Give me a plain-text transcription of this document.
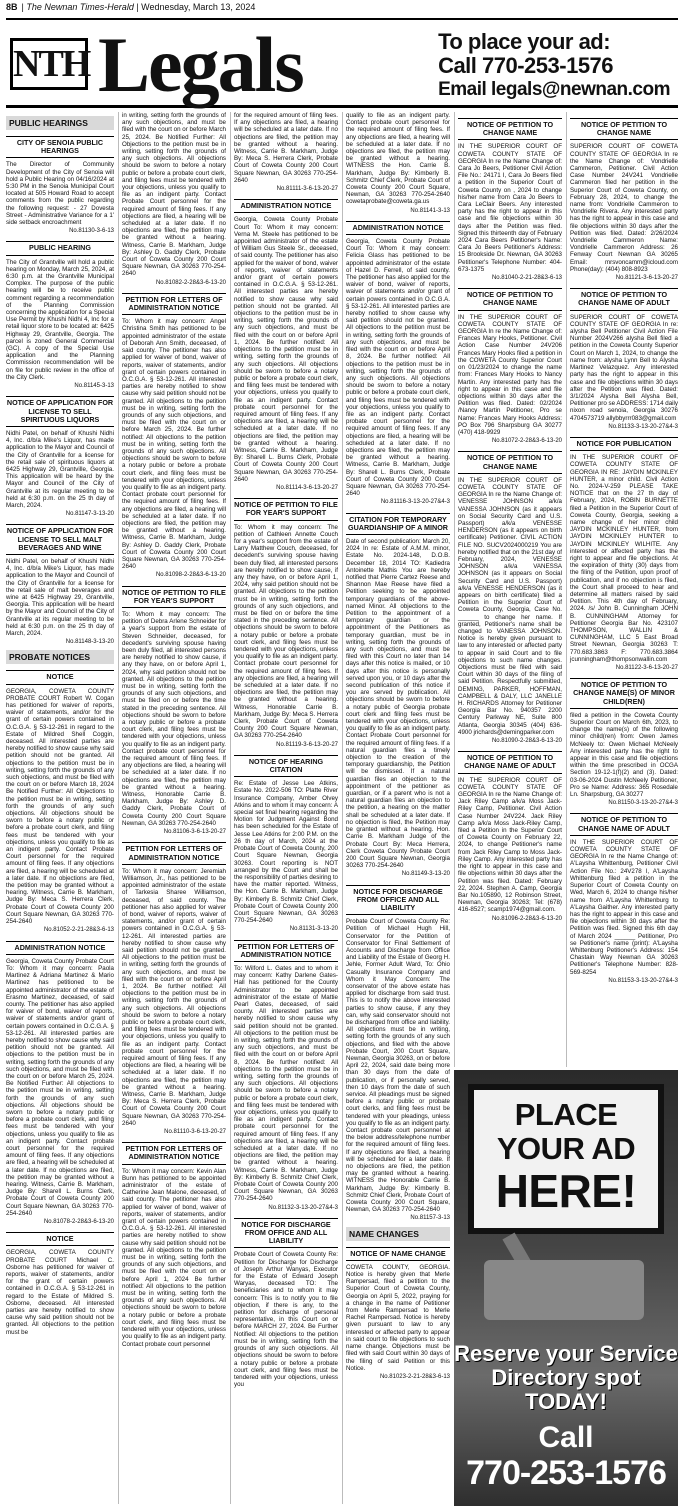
8B | The Newnan Times-Herald | Wednesday, March 13, 2024
NTH Legals	To place your ad:
Call 770-253-1576
Email legals@newnan.com
PUBLIC HEARINGS
CITY OF SENOIA PUBLIC HEARINGS
The Director of Community Development of the City of Senoia will hold a Public Hearing on 04/16/2024 at 5:30 PM in the Senoia Municipal Court located at 505 Howard Road to accept comments from the public regarding the following request: - 27 Dovesta Street - Administrative Variance for a 1' side setback encroachment
No.81130-3-6-13
PUBLIC HEARING
The City of Grantville will hold a public hearing on Monday, March 25, 2024, at 6:30 p.m. at the Grantville Municipal Complex. The purpose of the public hearing will be to receive public comment regarding a recommendation of the Planning Commission concerning the application for a Special Use Permit by Khushi Nidhi 4, Inc for a retail liquor store to be located at: 6425 Highway 29, Grantville, Georgia. The parcel is zoned General Commercial (GC). A copy of the Special Use application and the Planning Commission recommendation will be on file for public review in the office of the City Clerk.
No.81145-3-13
NOTICE OF APPLICATION FOR LICENSE TO SELL SPIRITUOUS LIQUORS
Nidhi Patel, on behalf of Khushi Nidhi 4, Inc. d/b/a Mike's Liquor, has made application to the Mayor and Council of the City of Grantville for a license for the retail sale of spirituous liquors at 6425 Highway 29, Grantville, Georgia. This application will be heard by the Mayor and Council of the City of Grantville at its regular meeting to be held at 6:30 p.m. on the 25 th day of March, 2024.
No.81147-3-13-20
NOTICE OF APPLICATION FOR LICENSE TO SELL MALT BEVERAGES AND WINE
Nidhi Patel, on behalf of Khushi Nidhi 4, Inc. d/b/a Mike's Liquor, has made application to the Mayor and Council of the City of Grantville for a license for the retail sale of malt beverages and wine at 6425 Highway 29, Grantville, Georgia. This application will be heard by the Mayor and Council of the City of Grantville at its regular meeting to be held at 6:30 p.m. on the 25 th day of March, 2024.
No.81148-3-13-20
PROBATE NOTICES
NOTICE
GEORGIA, COWETA COUNTY PROBATE COURT Robert W. Cogan has petitioned for waiver of reports, waiver of statements, and/or for the grant of certain powers contained in O.C.G.A. § 53-12-261 in regard to the Estate of Mildred Shell Coggin, deceased. All interested parties are hereby notified to show cause why said petition should not be granted. All objections to the petition must be in writing, setting forth the grounds of any such objections, and must be filed with the court on or before March 18, 2024 Be Notified Further: All Objections to the petition must be in writing, setting forth the grounds of any such objections. All objections should be sworn to before a notary public or before a probate court clerk, and filing fees must be tendered with your objections, unless you qualify to file as an indigent party. Contact Probate Court personnel for the required amount of filing fees. If any objections are filed, a hearing will be scheduled at a later date. If no objections are filed, the petition may be granted without a hearing. Witness, Carrie B. Markham, Judge By: Meca S. Herrera Clerk, Probate Court of Coweta County 200 Court Square Newnan, GA 30263 770-254-2640
No.81052-2-21-28&3-6-13
ADMINISTRATION NOTICE
Georgia, Coweta County Probate Court To: Whom it may concern: Paola Martinez & Adriana Martinez & Mario Martinez has petitioned to be appointed administrator of the estate of Erasmo Martinez, deceased, of said county. The petitioner has also applied for waiver of bond, waiver of reports, waiver of statements and/or grant of certain powers contained in O.C.G.A. § 53-12-261. All interested parties are hereby notified to show cause why said petition should not be granted. All objections to the petition must be in writing, setting forth the grounds of any such objections, and must be filed with the court on or before March 25, 2024. Be Notified Further: All objections to the petition must be in writing, setting forth the grounds of any such objections. All objections should be sworn to before a notary public or before a probate court clerk, and filing fees must be tendered with your objections, unless you qualify to file as an indigent party. Contact probate court personnel for the required amount of filing fees. If any objections are filed, a hearing will be scheduled at a later date. If no objections are filed, the petition may be granted without a hearing. Witness, Carrie B. Markham, Judge By: Sharell L. Burns Clerk, Probate Court of Coweta County 200 Court Square Newnan, GA 30263 770-254-2640
No.81078-2-28&3-6-13-20
NOTICE
GEORGIA, COWETA COUNTY PROBATE COURT Michael C. Osborne has petitioned for waiver of reports, waiver of statements, and/or for the grant of certain powers contained in O.C.G.A. § 53-12-261 in regard to the Estate of Mildred S. Osborne, deceased. All interested parties are hereby notified to show cause why said petition should not be granted. All objections to the petition must be
in writing, setting forth the grounds of any such objections, and must be filed with the court on or before March 25, 2024. Be Notified Further: All Objections to the petition must be in writing, setting forth the grounds of any such objections. All objections should be sworn to before a notary public or before a probate court clerk, and filing fees must be tendered with your objections, unless you qualify to file as an indigent party. Contact Probate Court personnel for the required amount of filing fees. If any objections are filed, a hearing will be scheduled at a later date. If no objections are filed, the petition may be granted without a hearing. Witness, Carrie B. Markham, Judge By: Ashley D. Gaddy Clerk, Probate Court of Coweta County 200 Court Square Newnan, GA 30263 770-254-2640
No.81082-2-28&3-6-13-20
PETITION FOR LETTERS OF ADMINISTRATION NOTICE
To: Whom it may concern: Angel Christina Smith has petitioned to be appointed administrator of the estate of Deborah Ann Smith, deceased, of said county. The petitioner has also applied for waiver of bond, waiver of reports, waiver of statements, and/or grant of certain powers contained in O.C.G.A. § 53-12-261. All interested parties are hereby notified to show cause why said petition should not be granted. All objections to the petition must be in writing, setting forth the grounds of any such objections, and must be filed with the court on or before March 25, 2024. Be further notified: All objections to the petition must be in writing, setting forth the grounds of any such objections. All objections should be sworn to before a notary public or before a probate court clerk, and filing fees must be tendered with your objections, unless you qualify to file as an indigent party. Contact probate court personnel for the required amount of filing fees. If any objections are filed, a hearing will be scheduled at a later date. If no objections are filed, the petition may be granted without a hearing. Witness, Carrie B. Markham, Judge By: Ashley D. Gaddy Clerk, Probate Court of Coweta County 200 Court Square Newnan, GA 30263 770-254-2640
No.81098-2-28&3-6-13-20
NOTICE OF PETITION TO FILE FOR YEAR'S SUPPORT
To: Whom it may concern: The petition of Debra Arlene Schneider for a year's support from the estate of Steven Schneider, deceased, for decedent's surviving spouse having been duly filed, all interested persons are hereby notified to show cause, if any they have, on or before April 1, 2024, why said petition should not be granted. All objections to the petition must be in writing, setting forth the grounds of any such objections, and must be filed on or before the time stated in the preceding sentence. All objections should be sworn to before a notary public or before a probate court clerk, and filing fees must be tendered with your objections, unless you qualify to file as an indigent party. Contact probate court personnel for the required amount of filing fees. If any objections are filed, a hearing will be scheduled at a later date. If no objections are filed, the petition may be granted without a hearing. Witness, Honorable Carrie B. Markham, Judge By: Ashley D. Gaddy Clerk, Probate Court of Coweta County 200 Court Square Newnan, GA 30263 770-254-2640
No.81106-3-6-13-20-27
PETITION FOR LETTERS OF ADMINISTRATION NOTICE
To: Whom it may concern: Jeremiah Williamson, Jr., has petitioned to be appointed administrator of the estate of Tarkesia Sharee Williamson, deceased, of said county. The petitioner has also applied for waiver of bond, waiver of reports, waiver of statements, and/or grant of certain powers contained in O.C.G.A. § 53-12-261. All interested parties are hereby notified to show cause why said petition should not be granted. All objections to the petition must be in writing, setting forth the grounds of any such objections, and must be filed with the court on or before April 1, 2024. Be further notified: All objections to the petition must be in writing, setting forth the grounds of any such objections. All objections should be sworn to before a notary public or before a probate court clerk, and filing fees must be tendered with your objections, unless you qualify to file as an indigent party. Contact probate court personnel for the required amount of filing fees. If any objections are filed, a hearing will be scheduled at a later date. If no objections are filed, the petition may be granted without a hearing. Witness, Carrie B. Markham, Judge By: Meca S. Herrera Clerk, Probate Court of Coweta County 200 Court Square Newnan, GA 30263 770-254-2640
No.81110-3-6-13-20-27
PETITION FOR LETTERS OF ADMINISTRATION NOTICE
To: Whom it may concern: Kevin Alan Bunn has petitioned to be appointed administrator of the estate of Catherine Jean Malone, deceased, of said county. The petitioner has also applied for waiver of bond, waiver of reports, waiver of statements, and/or grant of certain powers contained in O.C.G.A. § 53-12-261. All interested parties are hereby notified to show cause why said petition should not be granted. All objections to the petition must be in writing, setting forth the grounds of any such objections, and must be filed with the court on or before April 1, 2024 Be further notified: All objections to the petition must be in writing, setting forth the grounds of any such objections. All objections should be sworn to before a notary public or before a probate court clerk, and filing fees must be tendered with your objections, unless you qualify to file as an indigent party. Contact probate court personnel
for the required amount of filing fees. If any objections are filed, a hearing will be scheduled at a later date. If no objections are filed, the petition may be granted without a hearing. Witness, Carrie B. Markham, Judge By: Meca S. Herrera Clerk, Probate Court of Coweta County 200 Court Square Newnan, GA 30263 770-254-2640
No.81111-3-6-13-20-27
ADMINISTRATION NOTICE
Georgia, Coweta County Probate Court To: Whom it may concern: Verna M. Steele has petitioned to be appointed administrator of the estate of William Gus Steele Sr., deceased, of said county. The petitioner has also applied for the waiver of bond, waiver of reports, waiver of statements and/or grant of certain powers contained in O.C.G.A. § 53-12-261. All interested parties are hereby notified to show cause why said petition should not be granted. All objections to the petition must be in writing, setting forth the grounds of any such objections, and must be filed with the court on or before April 1, 2024. Be further notified: All objections to the petition must be in writing, setting forth the grounds of any such objections. All objections should be sworn to before a notary public or before a probate court clerk, and filing fees must be tendered with your objections, unless you qualify to file as an indigent party. Contact probate court personnel for the required amount of filing fees. If any objections are filed, a hearing will be scheduled at a later date. If no objections are filed, the petition may be granted without a hearing. Witness, Carrie B. Markham, Judge By: Sharell L. Burns Clerk, Probate Court of Coweta County 200 Court Square Newnan, GA 30263 770-254-2640
No.81114-3-6-13-20-27
NOTICE OF PETITION TO FILE FOR YEAR'S SUPPORT
To: Whom it may concern: The petition of Cathleen Annette Couch for a year's support from the estate of Larry Matthew Couch, deceased, for decedent's surviving spouse having been duly filed, all interested persons are hereby notified to show cause, if any they have, on or before April 1, 2024, why said petition should not be granted. All objections to the petition must be in writing, setting forth the grounds of any such objections, and must be filed on or before the time stated in the preceding sentence. All objections should be sworn to before a notary public or before a probate court clerk, and filing fees must be tendered with your objections, unless you qualify to file as an indigent party. Contact probate court personnel for the required amount of filing fees. If any objections are filed, a hearing will be scheduled at a later date. If no objections are filed, the petition may be granted without a hearing. Witness, Honorable Carrie B. Markham, Judge By: Meca S. Herrera Clerk, Probate Court of Coweta County 200 Court Square Newnan, GA 30263 770-254-2640
No.81119-3-6-13-20-27
NOTICE OF HEARING CITATION
Re: Estate of Jesse Lee Atkins, Estate No. 2022-506 TO: Platte River Insurance Company, Amber Olvey Atkins and to whom it may concern: A special set final hearing regarding the Motion for Judgment Against Bond has been scheduled for the Estate of Jesse Lee Atkins for 2:00 P.M. on the 26 th day of March, 2024 at the Probate Court of Coweta County, 200 Court Square Newnan, Georgia 30263. Court reporting is NOT arranged by the Court and shall be the responsibility of parties desiring to have the matter reported. Witness, the Hon. Carrie B. Markham, Judge By: Kimberly B. Schmitz Chief Clerk, Probate Court of Coweta County 200 Court Square Newnan, GA 30263 770-254-2640
No.81131-3-13-20
PETITION FOR LETTERS OF ADMINISTRATION NOTICE
To: Wilford L. Gates and to whom it may concern: Kathy Darlene Gates-Hall has petitioned for the County Administrator to be appointed administrator of the estate of Mattie Pearl Gates, deceased, of said county. All interested parties are hereby notified to show cause why said petition should not be granted. All objections to the petition must be in writing, setting forth the grounds of any such objections, and must be filed with the court on or before April 8, 2024. Be further notified: All objections to the petition must be in writing, setting forth the grounds of any such objections. All objections should be sworn to before a notary public or before a probate court clerk, and filing fees must be tendered with your objections, unless you qualify to file as an indigent party. Contact probate court personnel for the required amount of filing fees. If any objections are filed, a hearing will be scheduled at a later date. If no objections are filed, the petition may be granted without a hearing. Witness, Carrie B. Markham, Judge By: Kimberly B. Schmitz Chief Clerk, Probate Court of Coweta County 200 Court Square Newnan, GA 30263 770-254-2640
No.81132-3-13-20-27&4-3
NOTICE FOR DISCHARGE FROM OFFICE AND ALL LIABILITY
Probate Court of Coweta County Re: Petition for Discharge for Discharge of Joseph Arthur Wanyas, Executor for the Estate of Edward Joseph Waryas, deceased TO: The beneficiaries and to whom it may concern: This is to notify you to file objection, if there is any, to the petition for discharge of personal representative, in this Court on or before MARCH 27, 2024. Be Further Notified: All objections to the petition must be in writing, setting forth the grounds of any such objections. All objections should be sworn to before a notary public or before a probate court clerk, and filing fees must be tendered with your objections, unless you
qualify to file as an indigent party. Contact probate court personnel for the required amount of filing fees. If any objections are filed, a hearing will be scheduled at a later date. If no objections are filed, the petition may be granted without a hearing. WITNESS the Hon. Carrie B. Markham, Judge By: Kimberly B. Schmitz Chief Clerk, Probate Court of Coweta County 200 Court Square, Newnan, GA 30263 770-254-2640 cowetaprobate@coweta.ga.us
No.81141-3-13
ADMINISTRATION NOTICE
Georgia, Coweta County Probate Court To: Whom it may concern: Felicia Glass has petitioned to be appointed administrator of the estate of Hazel D. Ferrell, of said county. The petitioner has also applied for the waiver of bond, waiver of reports, waiver of statements and/or grant of certain powers contained in O.C.G.A. § 53-12-261. All interested parties are hereby notified to show cause why said petition should not be granted. All objections to the petition must be in writing, setting forth the grounds of any such objections, and must be filed with the court on or before April 8, 2024. Be further notified: All objections to the petition must be in writing, setting forth the grounds of any such objections. All objections should be sworn to before a notary public or before a probate court clerk, and filing fees must be tendered with your objections, unless you qualify to file as an indigent party. Contact probate court personnel for the required amount of filing fees. If any objections are filed, a hearing will be scheduled at a later date. If no objections are filed, the petition may be granted without a hearing. Witness, Carrie B. Markham, Judge By: Sharell L. Burns Clerk, Probate Court of Coweta County 200 Court Square Newnan, GA 30263 770-254-2640
No.81116-3-13-20-27&4-3
CITATION FOR TEMPORARY GUARDIANSHIP OF A MINOR
Date of second publication: March 20, 2024 In re: Estate of A.M.M. minor, Estate No. 2024-148, D.O.B. December 18, 2014 TO: Kadiedra Antoinette Mathis You are hereby notified that Pierre Cartez Reese and Shannon Mae Reese have filed a Petition seeking to be appointed temporary guardians of the above-named Minor. All objections to the Petition to the appointment of a temporary guardian or the appointment of the Petitioners as temporary guardian, must be in writing, setting forth the grounds of any such objections, and must be filed with this Court no later than 14 days after this notice is mailed, or 10 days after this notice is personally served upon you, or 10 days after the second publication of this notice if you are served by publication. All objections should be sworn to before a notary public of Georgia probate court clerk and filing fees must be tendered with your objections, unless you qualify to file as an indigent party. Contact Probate Court personnel for the required amount of filing fees. If a natural guardian files a timely objection to the creation of the temporary guardianship, the Petition will be dismissed. If a natural guardian files an objection to the appointment of the petitioner as guardian, or if a parent who is not a natural guardian files an objection to the petition, a hearing on the matter shall be scheduled at a later date. If no objection is filed, the Petition may be granted without a hearing. Hon. Carrie B. Markham Judge of the Probate Court By: Meca Herrera, Clerk Coweta County Probate Court 200 Court Square Newnan, Georgia 30263 770-254-2640
No.81149-3-13-20
NOTICE FOR DISCHARGE FROM OFFICE AND ALL LIABILITY
Probate Court of Coweta County Re: Petition of Michael Hugh Hill, Conservator for the Petition of Conservator for Final Settlement of Accounts and Discharge from Office and Liability of the Estate of Georg H. Jehle, Former Adult Ward, To: Ohio Casualty Insurance Company and Whom it May Concern: The conservator of the above estate has applied for discharge from said trust. This is to notify the above interested parties to show cause, if any they can, why said conservator should not be discharged from office and liability. All objections must be in writing, setting forth the grounds of any such objections, and filed with the above Probate Court, 200 Court Square, Newnan, Georgia 30263, on or before April 22, 2024, said date being more than 30 days from the date of publication, or if personally served, then 10 days from the date of such service. All pleadings must be signed before a notary public or probate court clerks, and filing fees must be tendered with your pleadings, unless you qualify to file as an indigent party. Contact probate court personnel at the below address/telephone number for the required amount of filing fees. If any objections are filed, a hearing will be scheduled for a later date. If no objections are filed, the petition may be granted without a hearing. WITNESS the Honorable Carrie B. Markham, Judge By: Kimberly B. Schmitz Chief Clerk, Probate Court of Coweta County 200 Court Square, Newnan, GA 30263 770-254-2640
No.81157-3-13
NAME CHANGES
NOTICE OF NAME CHANGE
COWETA COUNTY, GEORGIA. Notice is hereby given that Merle Rampersad, filed a petition to the Superior Court of Coweta County, Georgia on April 5, 2022, praying for a change in the name of Petitioner from Merle Rampersad to Merle Rachel Rampersad. Notice is hereby given pursuant to law to any interested or affected party to appear in said court to file objections to such name change. Objections must be filed with said Court within 30 days of the filing of said Petition or this Notice.
No.81023-2-21-28&3-6-13
NOTICE OF PETITION TO CHANGE NAME
IN THE SUPERIOR COURT OF COWETA COUNTY STATE OF GEORGIA In re the Name Change of: Cara Jo Beers, Petitioner Civil Action File No.: 24171 I, Cara Jo Beers filed a petition in the Superior Court of Coweta County on , 2024 to change his/her name from Cara Jo Beers to Cara LeClair Beers. Any interested party has the right to appear in this case and file objections within 30 days after the Petition was filed. Signed this thirteenth day of February 2024 Cara Beers Petitioner's Name: Cara Jo Beers Petitioner's Address: 15 Brookside Dr. Newnan, GA 30263 Petitioner's Telephone Number: 404-673-1375
No.81040-2-21-28&3-6-13
NOTICE OF PETITION TO CHANGE NAME
IN THE SUPERIOR COURT OF COWETA COUNTY STATE OF GEORGIA In re the Name Change of: Frances Mary Hooks, Petitioner. Civil Action Case Number 24V206 Frances Mary Hooks filed a petition in the COWETA County Superior Court on 01/23/2024 to change the name from: Frances Mary Hooks to Nancy Martin. Any interested party has the right to appear in this case and file objections within 30 days after the Petition was filed. Dated: 02/2024 /Nancy Martin Petitioner, Pro se Name: Frances Mary Hooks Address: PO Box 796 Sharpsburg GA 30277 (470) 418-9929
No.81072-2-28&3-6-13-20
NOTICE OF PETITION TO CHANGE NAME
IN THE SUPERIOR COURT OF COWETA COUNTY STATE OF GEORGIA In re the Name Change of: VENESSE JOHNSON a/k/a VANESSA JOHNSON (as it appears on Social Security Card and U.S. Passport) a/k/a VENESSE HENDERSON (as it appears on birth certificate) Petitioner. CIVIL ACTION FILE NO. SUCV2024000219 You are hereby notified that on the 21st day of February, 2024, VENESSE JOHNSON a/k/a VANESSA JOHNSON (as it appears on Social Security Card and U.S. Passport) a/k/a VENESSE HENDERSON (as it appears on birth certificate) filed a Petition in the Superior Court of Coweta County, Georgia, Case No. ______ to change her name. If granted, Petitioner's name shall be changed to VANESSA JOHNSON. Notice is hereby given pursuant to law to any interested or affected party to appear in said Court and to file objections to such name changes. Objections must be filed with said Court within 30 days of the filing of said Petition. Respectfully submitted, DEMING, PARKER, HOFFMAN, CAMPBELL & DALY, LLC JANELLE H. RICHARDS Attorney for Petitioner Georgia Bar No. 940357 2200 Century Parkway NE, Suite 800 Atlanta, Georgia 30345 (404) 636-4900 jrichards@demingparker.com
No.81090-2-28&3-6-13-20
NOTICE OF PETITION TO CHANGE NAME OF ADULT
IN THE SUPERIOR COURT OF COWETA COUNTY STATE OF GEORGIA In re the Name Change of: Jack Riley Camp a/k/a Moss Jack-Riley Camp, Petitioner. Civil Action Case Number 24V224. Jack Riley Camp a/k/a Moss Jack-Riley Camp, filed a Petition in the Superior Court of Coweta County on February 22, 2024, to change Petitioner's name from Jack Riley Camp to Moss Jack-Riley Camp. Any interested party has the right to appear in this case and file objections within 30 days after the Petition was filed. Dated: February 22, 2024. Stephen A. Camp, Georgia Bar No.105890, 12 Robinson Street, Newnan, Georgia 30263; Tel: (678) 416-8527; scamp1974@gmail.com.
No.81096-2-28&3-6-13-20
NOTICE OF PETITION TO CHANGE NAME
SUPERIOR COURT OF COWETA COUNTY STATE OF GEORGIA In re the Name Change of: Vondrielle Cammeron, Petitioner. Civil Action Case Number 24V241 Vondrielle Cammeron filed her petition in the Superior Court of Coweta County, on February 28, 2024, to change the name from: Vondrielle Cammeron to Vondrielle Rivera. Any interested party has the right to appear in this case and file objections within 30 days after the Petition was filed. Dated: 2/26/2024 Vondrielle Cammeron Name: Vondrielle Cammeron Address: 26 Fenway Court Newnan GA 30265 Email: mrsvoncamm@icloud.com Phone(day): (404) 808-8923
No.81121-3-6-13-20-27
NOTICE OF PETITION TO CHANGE NAME OF ADULT
SUPERIOR COURT OF COWETA COUNTY STATE OF GEORGIA In re: alysha Bell Petitioner Civil Action File Number 2024V266 alysha Bell filed a petition in the Coweta County Superior Court on March 1, 2024, to change the name from: alysha Lynn Bell to Alysha Martinez Velazquez. Any interested party has the right to appear in this case and file objections within 30 days after the Petition was filed. Dated: 3/1/2024 Alysha Bell Alysha Bell, Petitioner pro se ADDRESS: 1714 daily nixon road senoia, Georgia 30276 4704573719 allybbyrrr083@gmail.com
No.81133-3-13-20-27&4-3
NOTICE FOR PUBLICATION
IN THE SUPERIOR COURT OF COWETA COUNTY STATE OF GEORGIA IN RE: JAYDIN MCKINLEY HUNTER, a minor child. Civil Action No. 2024-V-259 PLEASE TAKE NOTICE that on the 27 th day of February, 2024, ROBIN BURNETTE filed a Petition in the Superior Court of Coweta County, Georgia, seeking a name change of her minor child JAYDIN MCKINLEY HUNTER, from JAYDIN MCKINLEY HUNTER to JAYDIN MCKINLEY WILHITE. Any interested or affected party has the right to appear and file objections. At the expiration of thirty (30) days from the filing of the Petition, upon proof of publication, and if no objection is filed, the Court shall proceed to hear and determine all matters raised by said Petition. This 4th day of February, 2024. /s/ John B. Cunningham JOHN B. CUNNINGHAM Attorney for Petitioner Georgia Bar No. 423107 THOMPSON, WALLIN & CUNNINGHAM, LLC 5 East Broad Street Newnan, Georgia 30263 T: 770.683.3863 F: 770.683.3864 jcunningham@thompsonwallin.com
No.81122-3-6-13-20-27
NOTICE OF PETITION TO CHANGE NAME(S) OF MINOR CHILD(REN)
filed a petition in the Coweta County Superior Court on March 6th, 2023, to change the name(s) of the following minor child(ren) from: Owen James McNeely to: Owen Michael McNeely Any interested party has the right to appear in this case and file objections within the time prescribed in OCGA Section 19-12-1(f)(2) and (3). Dated: 03-06-2024 Dustin McNeely Petitioner, Pro se Name: Address: 365 Rosedale Ln. Sharpsburg, GA 30277
No.81150-3-13-20-27&4-3
NOTICE OF PETITION TO CHANGE NAME OF ADULT
IN THE SUPERIOR COURT OF COWETA COUNTY STATE OF GEORGIA In re the Name Change of: A'Laysha Whittenburg, Petitioner Civil Action File No.: 24V278 I, A'Laysha Whittenburg filed a petition in the Superior Court of Coweta County on Wed, March 6, 2024 to change his/her name from A'Laysha Whittenburg to A'Laysha Gaither. Any interested party has the right to appear in this case and file objections within 30 days after the Petition was filed. Signed this 6th day of March 2024 ______ Petitioner, Pro se Petitioner's name (print): A'Laysha Whittenburg Petitioner's Address: 154 Chastain Way Newnan GA 30263 Petitioner's Telephone Number: 828-569-8254
No.81153-3-13-20-27&4-3
PLACE YOUR AD
HERE!
Reserve your Service Directory spot TODAY!
Call
770-253-1576
